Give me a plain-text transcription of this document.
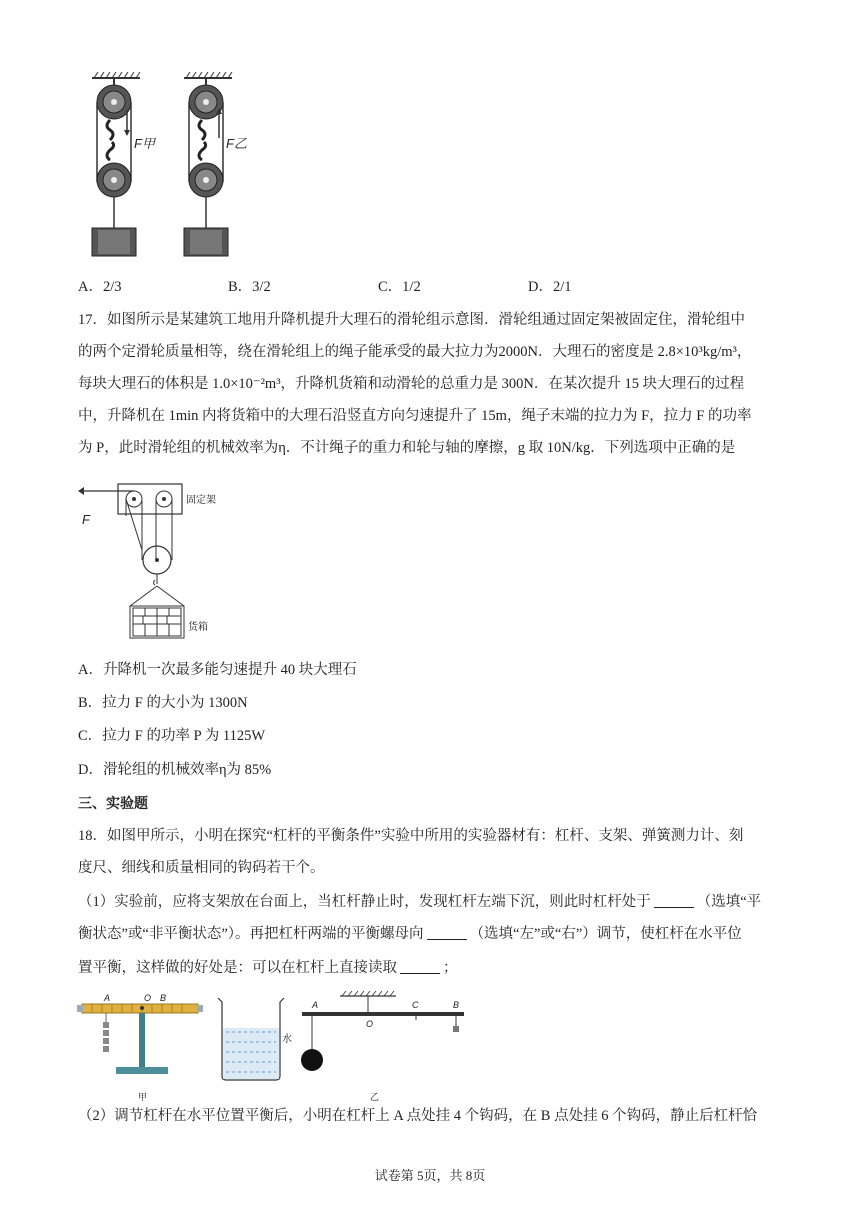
F甲	F乙
A．2/3	B．3/2	C．1/2	D．2/1
17．如图所示是某建筑工地用升降机提升大理石的滑轮组示意图．滑轮组通过固定架被固定住，滑轮组中
的两个定滑轮质量相等，绕在滑轮组上的绳子能承受的最大拉力为2000N．大理石的密度是 2.8×10³kg/m³，
每块大理石的体积是 1.0×10⁻²m³，升降机货箱和动滑轮的总重力是 300N．在某次提升 15 块大理石的过程
中，升降机在 1min 内将货箱中的大理石沿竖直方向匀速提升了 15m，绳子末端的拉力为 F，拉力 F 的功率
为 P，此时滑轮组的机械效率为η．不计绳子的重力和轮与轴的摩擦，g 取 10N/kg．下列选项中正确的是
F
固定架
货箱
A．升降机一次最多能匀速提升 40 块大理石
B．拉力 F 的大小为 1300N
C．拉力 F 的功率 P 为 1125W
D．滑轮组的机械效率η为 85%
三、实验题
18．如图甲所示，小明在探究“杠杆的平衡条件”实验中所用的实验器材有：杠杆、支架、弹簧测力计、刻
度尺、细线和质量相同的钩码若干个。
（1）实验前，应将支架放在台面上，当杠杆静止时，发现杠杆左端下沉，则此时杠杆处于	（选填“平
衡状态”或“非平衡状态”）。再把杠杆两端的平衡螺母向	（选填“左”或“右”）调节，使杠杆在水平位
置平衡，这样做的好处是：可以在杠杆上直接读取	；
A	O B
甲
水
A
O
C	B
乙
（2）调节杠杆在水平位置平衡后，小明在杠杆上 A 点处挂 4 个钩码，在 B 点处挂 6 个钩码，静止后杠杆恰
试卷第 5页，共 8页
